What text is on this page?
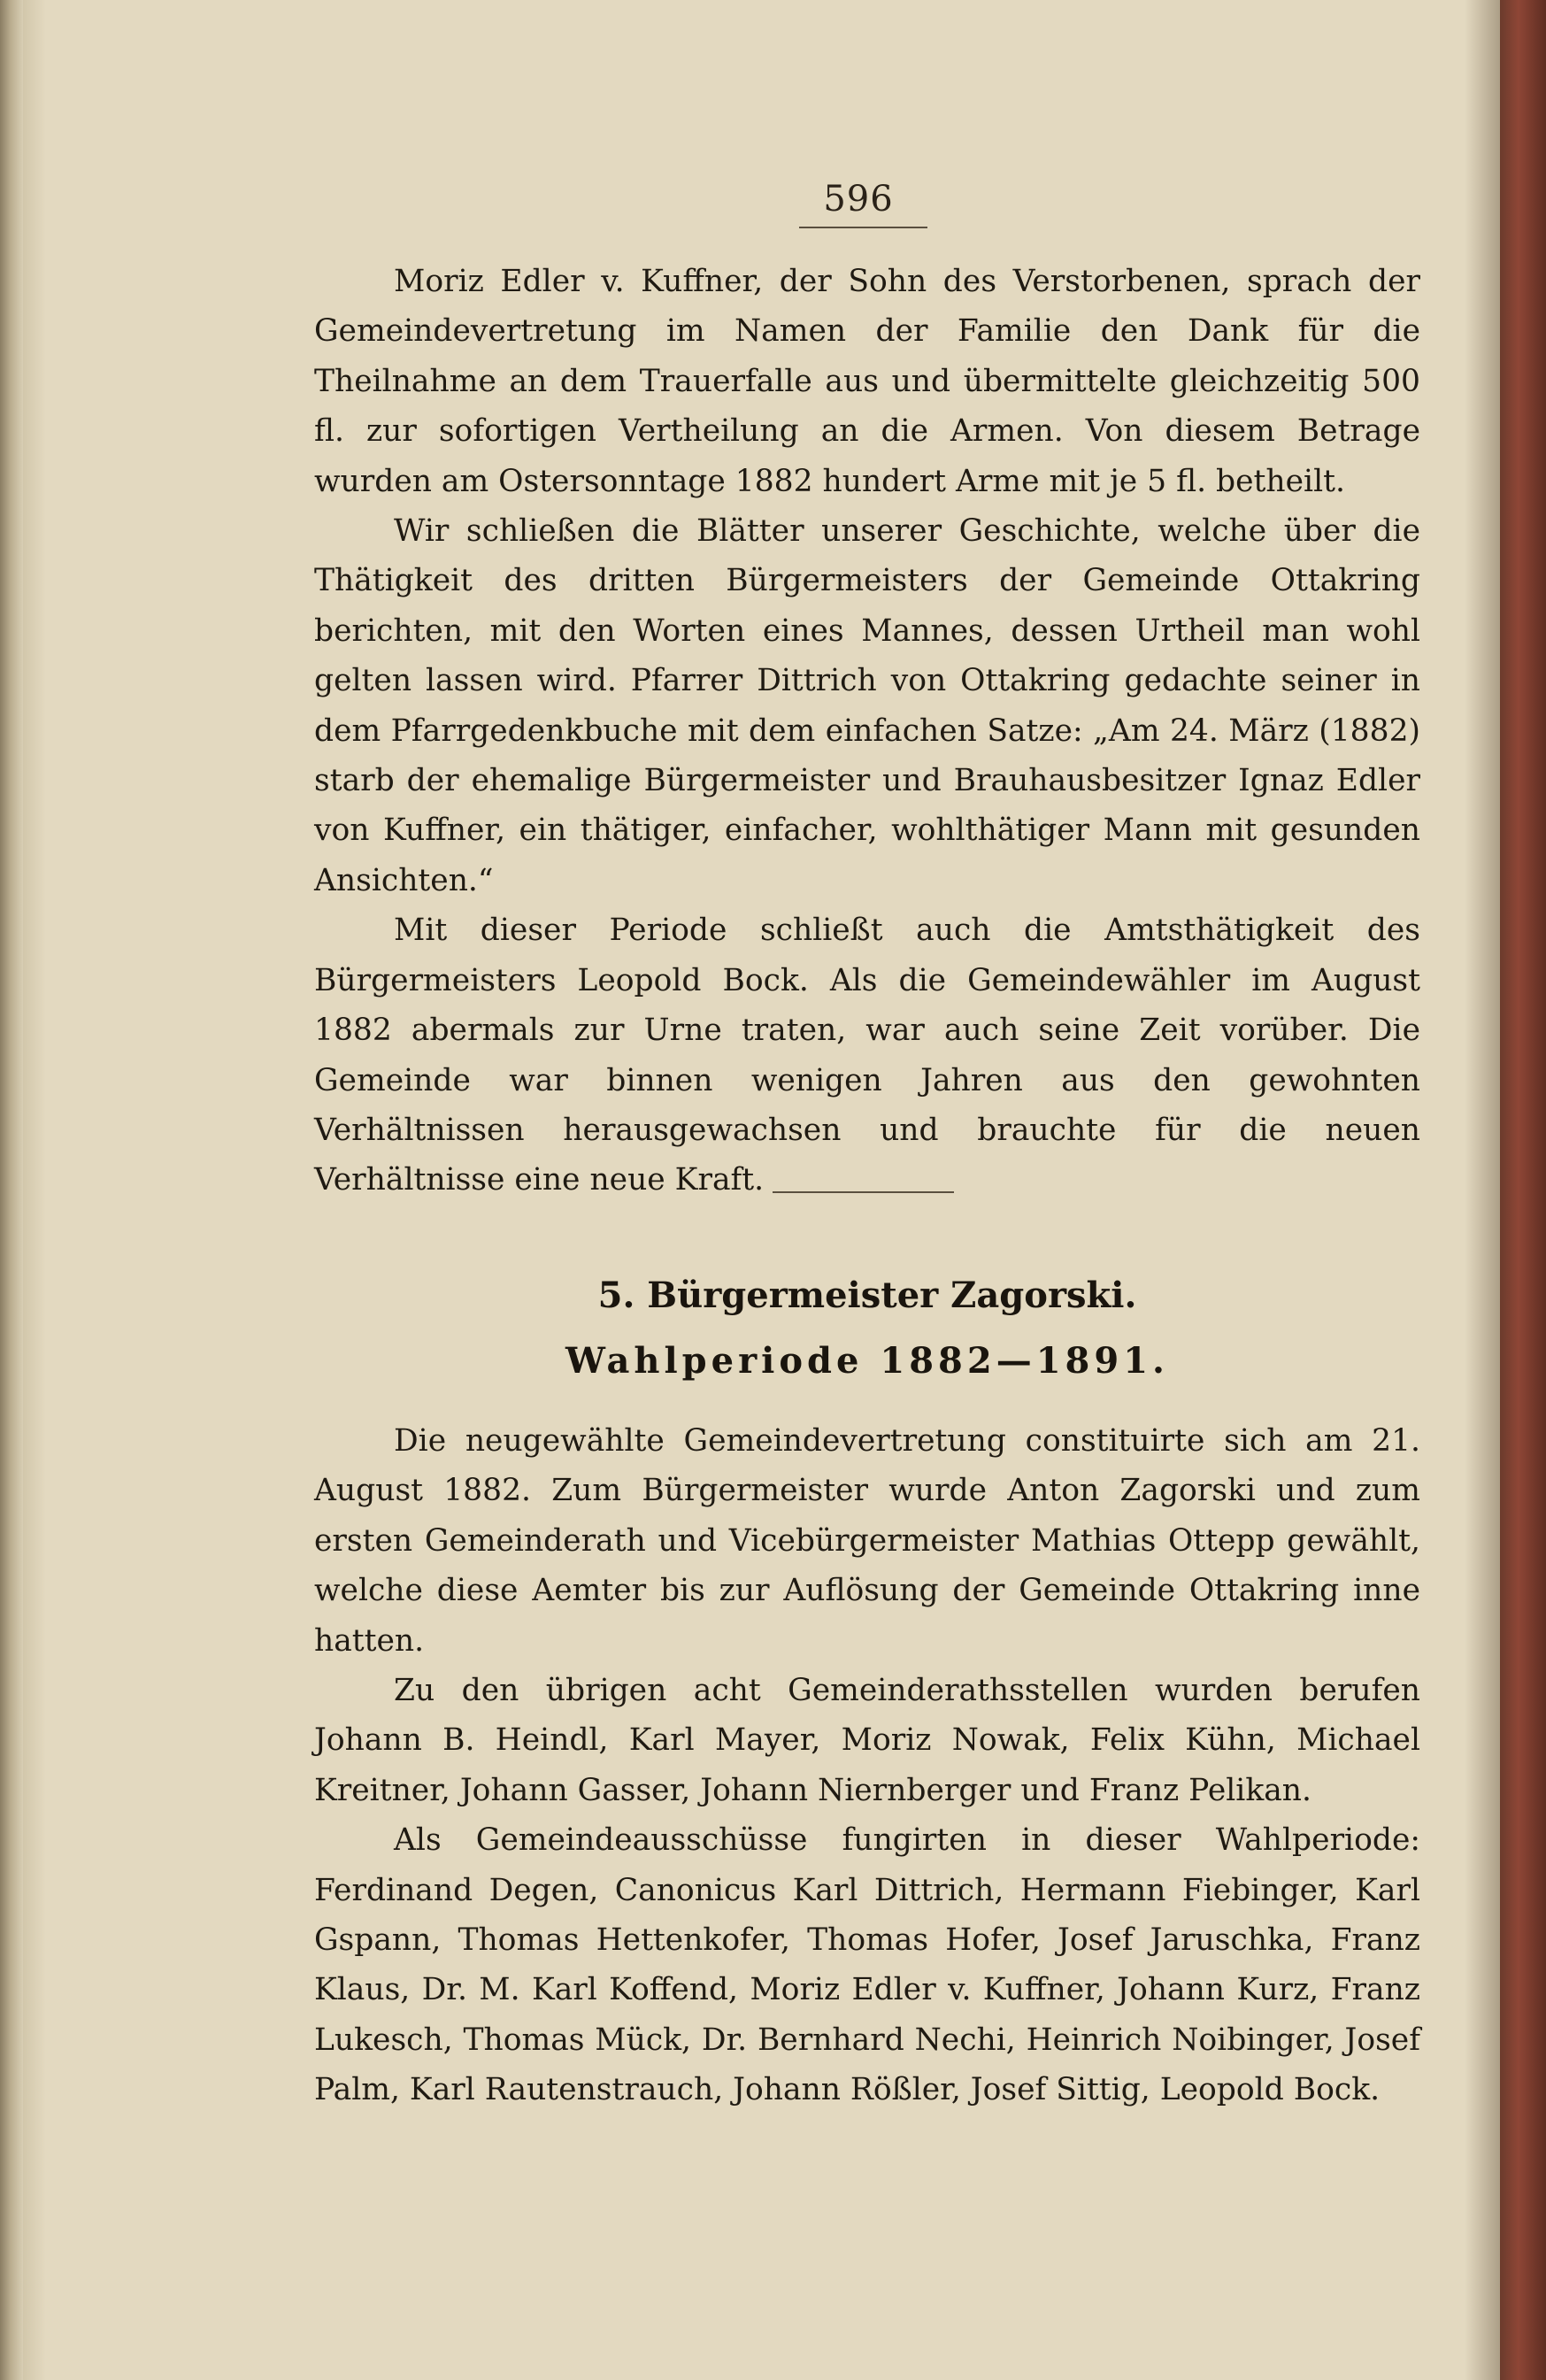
596

Moriz Edler v. Kuffner, der Sohn des Verstorbenen, sprach der Gemeindevertretung im Namen der Familie den Dank für die Theilnahme an dem Trauerfalle aus und übermittelte gleichzeitig 500 fl. zur sofortigen Vertheilung an die Armen. Von diesem Betrage wurden am Ostersonntage 1882 hundert Arme mit je 5 fl. betheilt.

Wir schließen die Blätter unserer Geschichte, welche über die Thätigkeit des dritten Bürgermeisters der Gemeinde Ottakring berichten, mit den Worten eines Mannes, dessen Urtheil man wohl gelten lassen wird. Pfarrer Dittrich von Ottakring gedachte seiner in dem Pfarrgedenkbuche mit dem einfachen Satze: „Am 24. März (1882) starb der ehemalige Bürgermeister und Brauhausbesitzer Ignaz Edler von Kuffner, ein thätiger, einfacher, wohlthätiger Mann mit gesunden Ansichten.“

Mit dieser Periode schließt auch die Amtsthätigkeit des Bürgermeisters Leopold Bock. Als die Gemeindewähler im August 1882 abermals zur Urne traten, war auch seine Zeit vorüber. Die Gemeinde war binnen wenigen Jahren aus den gewohnten Verhältnissen herausgewachsen und brauchte für die neuen Verhältnisse eine neue Kraft.

5. Bürgermeister Zagorski.
Wahlperiode 1882—1891.

Die neugewählte Gemeindevertretung constituirte sich am 21. August 1882. Zum Bürgermeister wurde Anton Zagorski und zum ersten Gemeinderath und Vicebürgermeister Mathias Ottepp gewählt, welche diese Aemter bis zur Auflösung der Gemeinde Ottakring inne hatten.

Zu den übrigen acht Gemeinderathsstellen wurden berufen Johann B. Heindl, Karl Mayer, Moriz Nowak, Felix Kühn, Michael Kreitner, Johann Gasser, Johann Niernberger und Franz Pelikan.

Als Gemeindeausschüsse fungirten in dieser Wahlperiode: Ferdinand Degen, Canonicus Karl Dittrich, Hermann Fiebinger, Karl Gspann, Thomas Hettenkofer, Thomas Hofer, Josef Jaruschka, Franz Klaus, Dr. M. Karl Koffend, Moriz Edler v. Kuffner, Johann Kurz, Franz Lukesch, Thomas Mück, Dr. Bernhard Nechi, Heinrich Noibinger, Josef Palm, Karl Rautenstrauch, Johann Rößler, Josef Sittig, Leopold Bock.
